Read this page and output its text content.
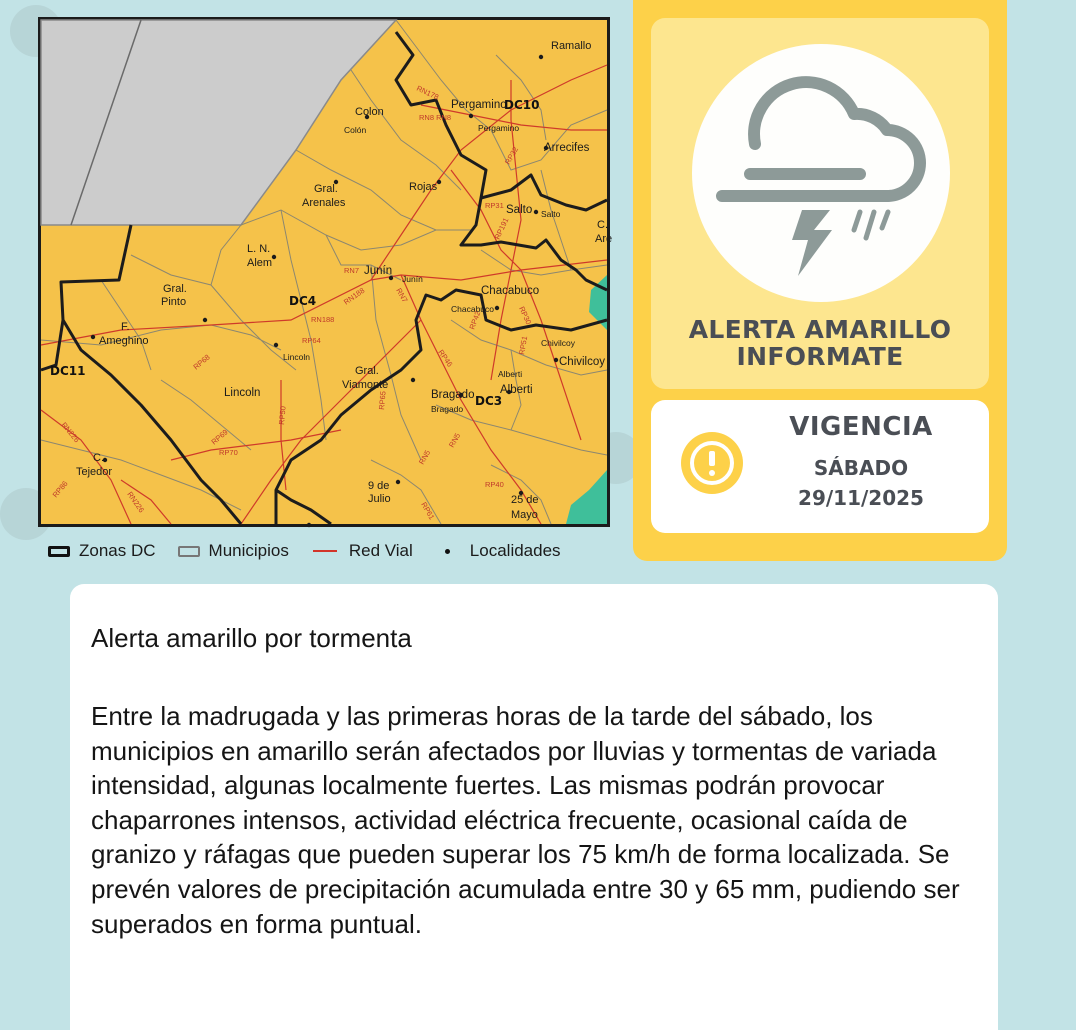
Ramallo
Pergamino
Pergamino
Colon
Colón
Arrecifes
Rojas
Gral.
Arenales
Salto Salto
C.
Are
L. N.
Alem
Junín
Junín
Gral.
Pinto
Chacabuco
Chacabuco
F.
Ameghino
Lincoln
Lincoln
Gral.
Viamonte
Chivilcoy
Chivilcoy
Alberti
Alberti
Bragado
Bragado
C.
Tejedor
9 de
Julio	25 de
Mayo
DC10
DC4
DC11
DC3
RN178
RN8 RN8
RP32
RP31
RP191
RN7
RN188	RN7
RN188
RP64
RP42	RP30
RP46
RP51
RP68
RP65
RP50
RP69
RP70
RN226	RN5
RN5
RP40
RP61
RP86
RN226
Zonas DC	Municipios	Red Vial	Localidades
ALERTA AMARILLO
INFORMATE
VIGENCIA
SÁBADO
29/11/2025
Alerta amarillo por tormenta
Entre la madrugada y las primeras horas de la tarde del sábado, los municipios en amarillo serán afectados por lluvias y tormentas de variada intensidad, algunas localmente fuertes. Las mismas podrán provocar chaparrones intensos, actividad eléctrica frecuente, ocasional caída de granizo y ráfagas que pueden superar los 75 km/h de forma localizada. Se prevén valores de precipitación acumulada entre 30 y 65 mm, pudiendo ser superados en forma puntual.
